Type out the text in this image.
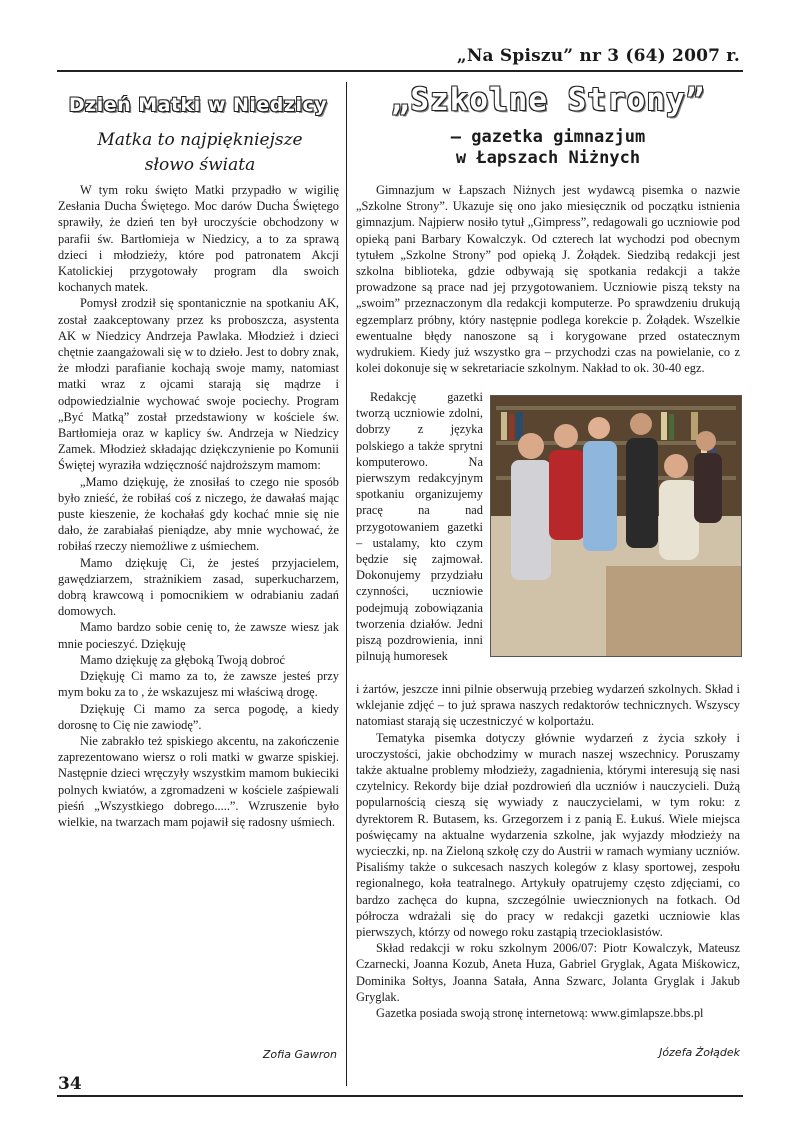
„Na Spiszu” nr 3 (64) 2007 r.
Dzień Matki w Niedzicy
Matka to najpiękniejsze
słowo świata

W tym roku święto Matki przypadło w wigilię Zesłania Ducha Świętego. Moc darów Ducha Świętego sprawiły, że dzień ten był uroczyście obchodzony w parafii św. Bartłomieja w Niedzicy, a to za sprawą dzieci i młodzieży, które pod patronatem Akcji Katolickiej przygotowały program dla swoich kochanych matek.

Pomysł zrodził się spontanicznie na spotkaniu AK, został zaakceptowany przez ks proboszcza, asystenta AK w Niedzicy Andrzeja Pawlaka. Młodzież i dzieci chętnie zaangażowali się w to dzieło. Jest to dobry znak, że młodzi parafianie kochają swoje mamy, natomiast matki wraz z ojcami starają się mądrze i odpowiedzialnie wychować swoje pociechy. Program „Być Matką” został przedstawiony w kościele św. Bartłomieja oraz w kaplicy św. Andrzeja w Niedzicy Zamek. Młodzież składając dziękczynienie po Komunii Świętej wyraziła wdzięczność najdroższym mamom:

„Mamo dziękuję, że znosiłaś to czego nie sposób było znieść, że robiłaś coś z niczego, że dawałaś mając puste kieszenie, że kochałaś gdy kochać mnie się nie dało, że zarabiałaś pieniądze, aby mnie wychować, że robiłaś rzeczy niemożliwe z uśmiechem.

Mamo dziękuję Ci, że jesteś przyjacielem, gawędziarzem, strażnikiem zasad, superkucharzem, dobrą krawcową i pomocnikiem w odrabianiu zadań domowych.

Mamo bardzo sobie cenię to, że zawsze wiesz jak mnie pocieszyć. Dziękuję

Mamo dziękuję za głęboką Twoją dobroć

Dziękuję Ci mamo za to, że zawsze jesteś przy mym boku za to , że wskazujesz mi właściwą drogę.

Dziękuję Ci mamo za serca pogodę, a kiedy dorosnę to Cię nie zawiodę”.

Nie zabrakło też spiskiego akcentu, na zakończenie zaprezentowano wiersz o roli matki w gwarze spiskiej. Następnie dzieci wręczyły wszystkim mamom bukieciki polnych kwiatów, a zgromadzeni w kościele zaśpiewali pieśń „Wszystkiego dobrego.....”. Wzruszenie było wielkie, na twarzach mam pojawił się radosny uśmiech.

Zofia Gawron
„Szkolne Strony”
– gazetka gimnazjum
w Łapszach Niżnych

Gimnazjum w Łapszach Niżnych jest wydawcą pisemka o nazwie „Szkolne Strony”. Ukazuje się ono jako miesięcznik od początku istnienia gimnazjum. Najpierw nosiło tytuł „Gimpress”, redagowali go uczniowie pod opieką pani Barbary Kowalczyk. Od czterech lat wychodzi pod obecnym tytułem „Szkolne Strony” pod opieką J. Żołądek. Siedzibą redakcji jest szkolna biblioteka, gdzie odbywają się spotkania redakcji a także prowadzone są prace nad jej przygotowaniem. Uczniowie piszą teksty na „swoim” przeznaczonym dla redakcji komputerze. Po sprawdzeniu drukują egzemplarz próbny, który następnie podlega korekcie p. Żołądek. Wszelkie ewentualne błędy nanoszone są i korygowane przed ostatecznym wydrukiem. Kiedy już wszystko gra – przychodzi czas na powielanie, co z kolei dokonuje się w sekretariacie szkolnym. Nakład to ok. 30-40 egz.

Redakcję gazetki tworzą uczniowie zdolni, dobrzy z języka polskiego a także sprytni komputerowo. Na pierwszym redakcyjnym spotkaniu organizujemy pracę na nad przygotowaniem gazetki – ustalamy, kto czym będzie się zajmował. Dokonujemy przydziału czynności, uczniowie podejmują zobowiązania tworzenia działów. Jedni piszą pozdrowienia, inni pilnują humoresek

i żartów, jeszcze inni pilnie obserwują przebieg wydarzeń szkolnych. Skład i wklejanie zdjęć – to już sprawa naszych redaktorów technicznych. Wszyscy natomiast starają się uczestniczyć w kolportażu.

Tematyka pisemka dotyczy głównie wydarzeń z życia szkoły i uroczystości, jakie obchodzimy w murach naszej wszechnicy. Poruszamy także aktualne problemy młodzieży, zagadnienia, którymi interesują się nasi czytelnicy. Rekordy bije dział pozdrowień dla uczniów i nauczycieli. Dużą popularnością cieszą się wywiady z nauczycielami, w tym roku: z dyrektorem R. Butasem, ks. Grzegorzem i z panią E. Łukuś. Wiele miejsca poświęcamy na aktualne wydarzenia szkolne, jak wyjazdy młodzieży na wycieczki, np. na Zieloną szkołę czy do Austrii w ramach wymiany uczniów. Pisaliśmy także o sukcesach naszych kolegów z klasy sportowej, zespołu regionalnego, koła teatralnego. Artykuły opatrujemy często zdjęciami, co bardzo zachęca do kupna, szczególnie uwiecznionych na fotkach. Od półrocza wdrażali się do pracy w redakcji gazetki uczniowie klas pierwszych, którzy od nowego roku zastąpią trzecioklasistów.

Skład redakcji w roku szkolnym 2006/07: Piotr Kowalczyk, Mateusz Czarnecki, Joanna Kozub, Aneta Huza, Gabriel Gryglak, Agata Miśkowicz, Dominika Sołtys, Joanna Satała, Anna Szwarc, Jolanta Gryglak i Jakub Gryglak.

Gazetka posiada swoją stronę internetową: www.gimlapsze.bbs.pl

Józefa Żołądek
34
